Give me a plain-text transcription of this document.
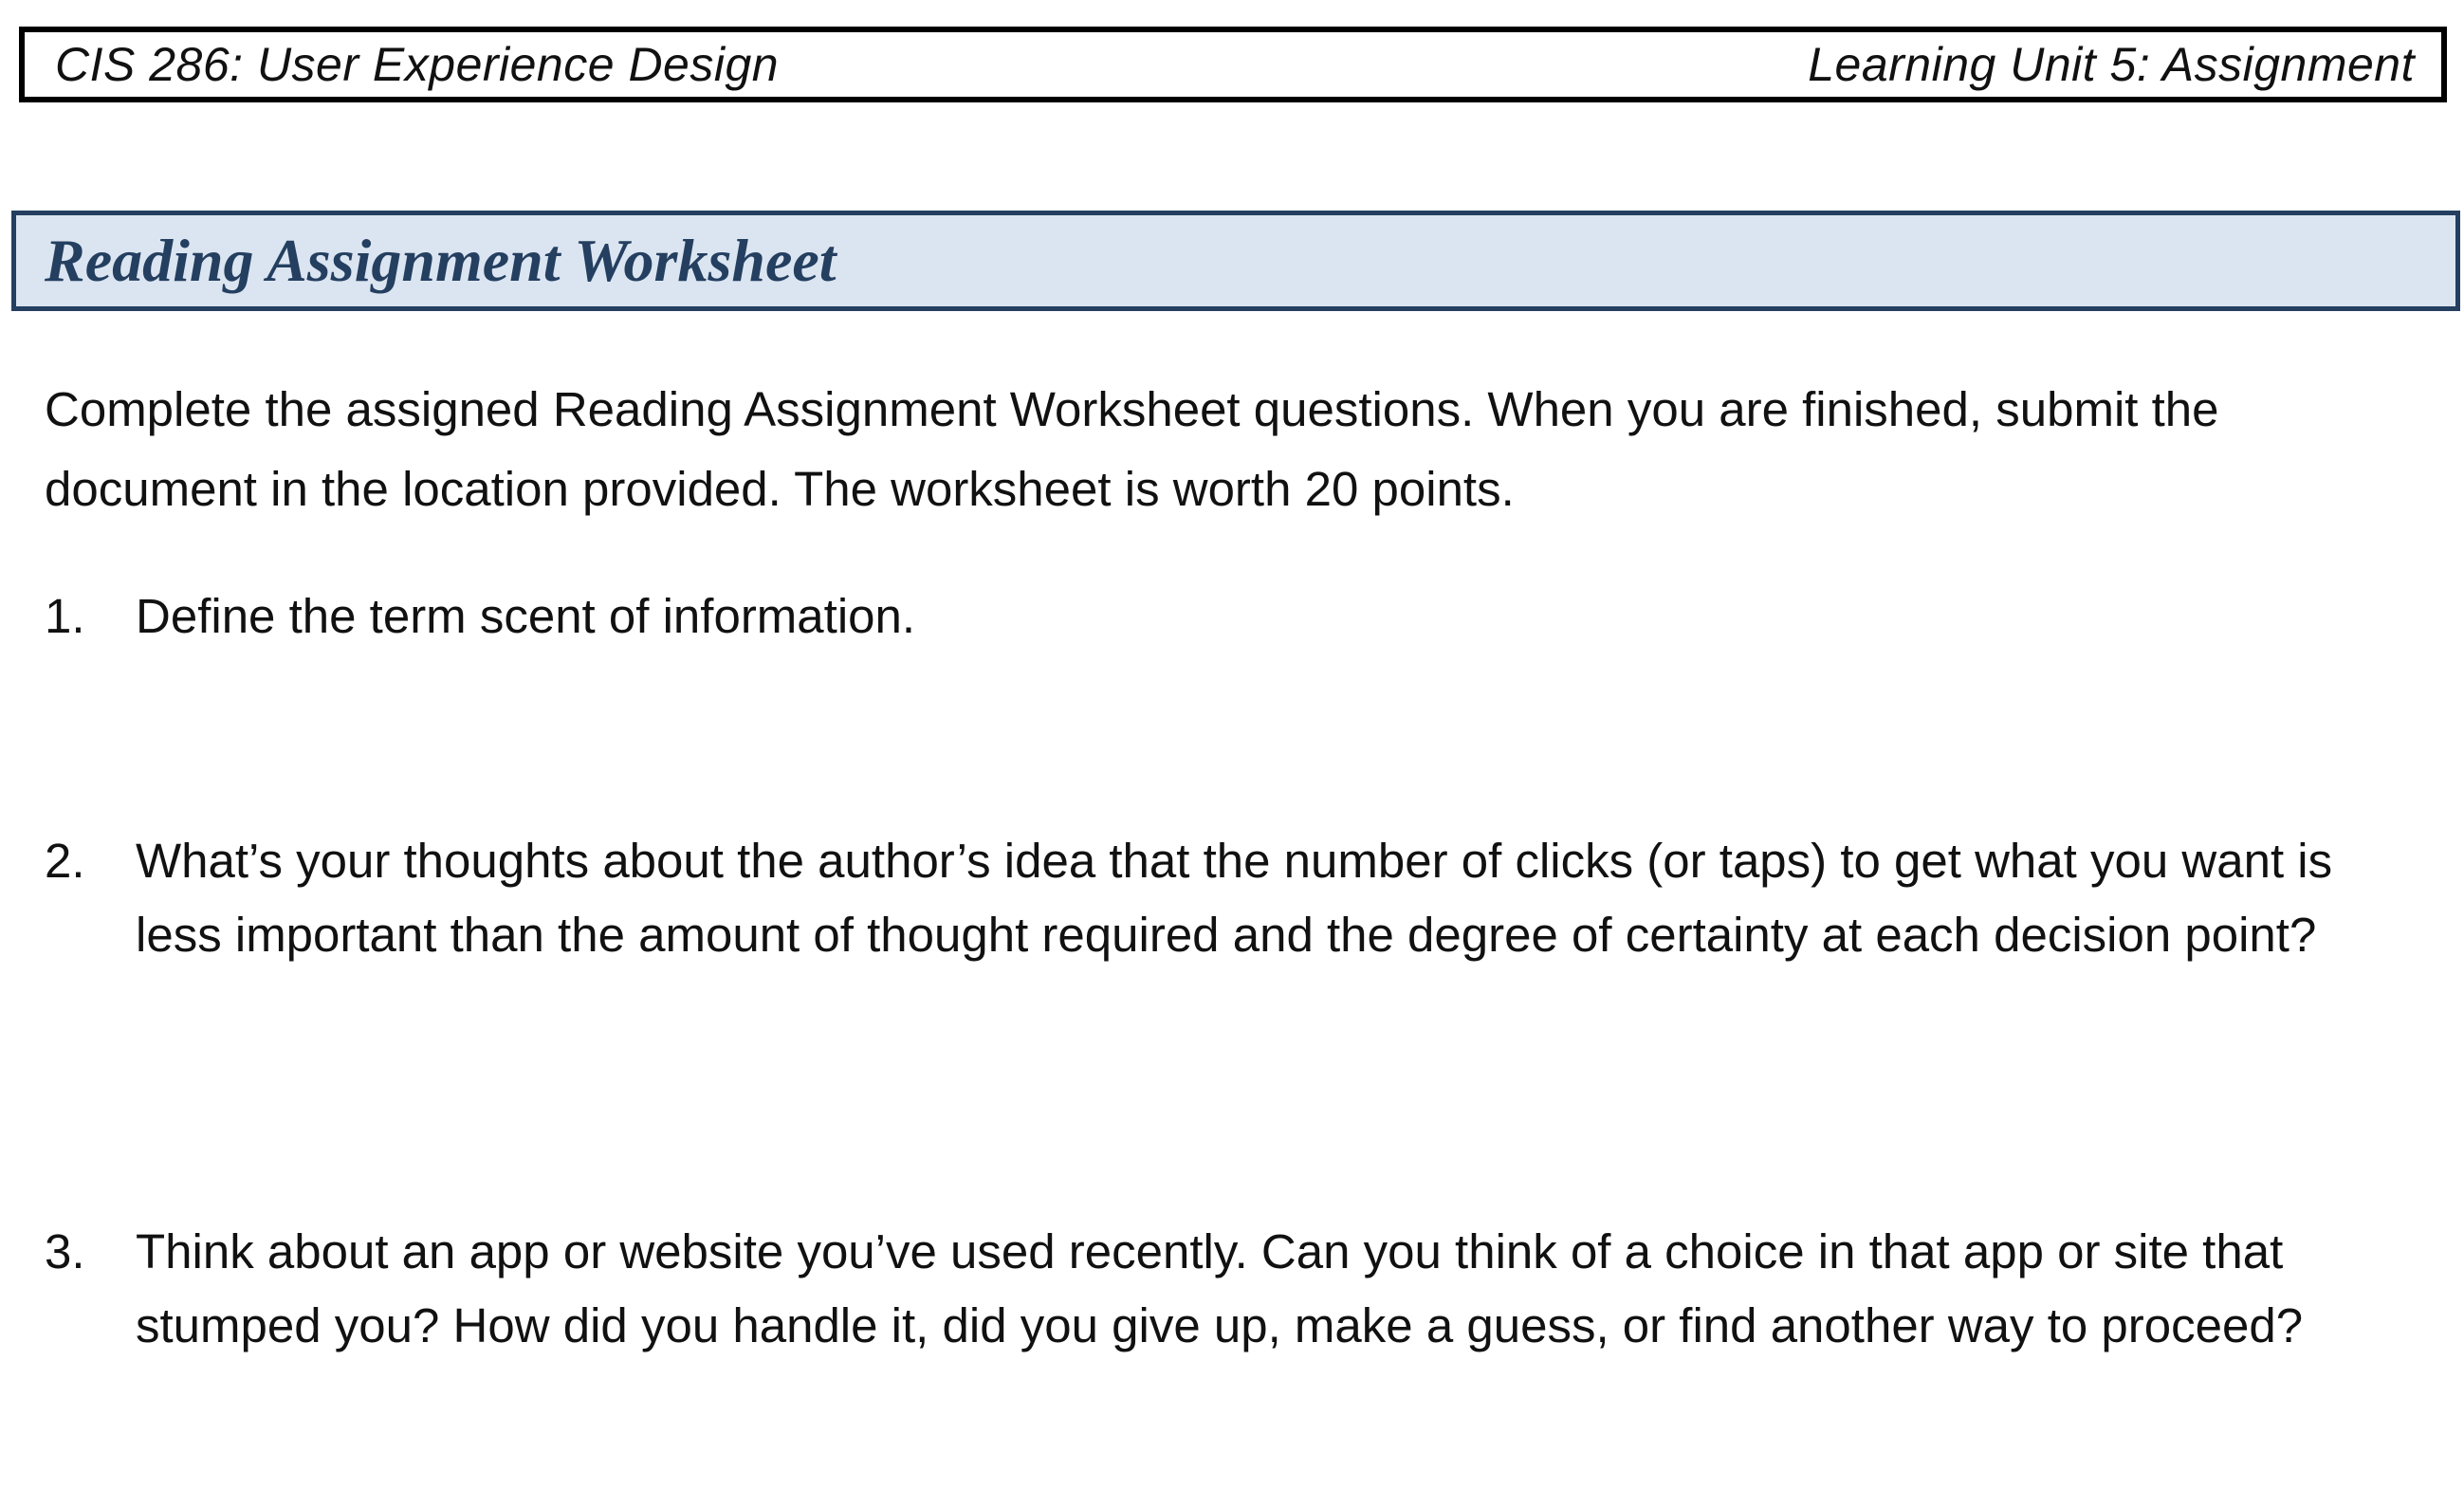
CIS 286: User Experience Design	Learning Unit 5: Assignment
Reading Assignment Worksheet

Complete the assigned Reading Assignment Worksheet questions. When you are finished, submit the document in the location provided. The worksheet is worth 20 points.

1.	Define the term scent of information.
2.	What’s your thoughts about the author’s idea that the number of clicks (or taps) to get what you want is less important than the amount of thought required and the degree of certainty at each decision point?
3.	Think about an app or website you’ve used recently. Can you think of a choice in that app or site that stumped you? How did you handle it, did you give up, make a guess, or find another way to proceed?
